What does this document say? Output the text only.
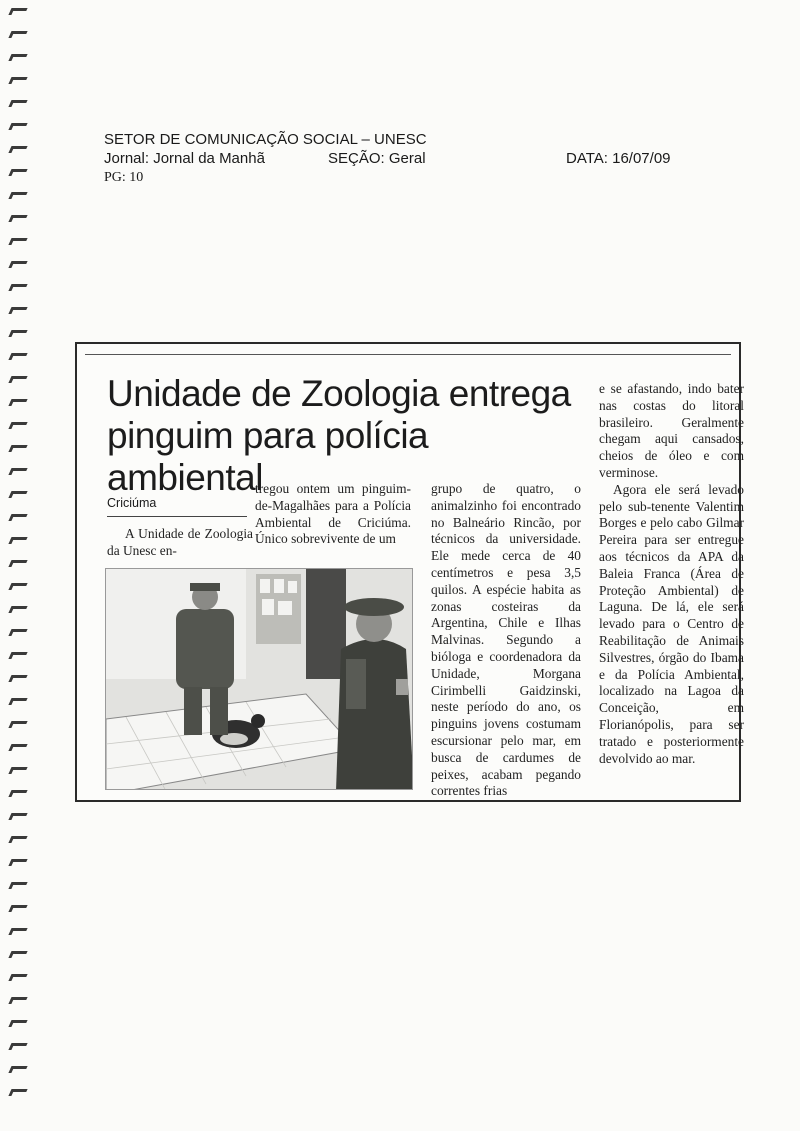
SETOR DE COMUNICAÇÃO SOCIAL – UNESC
Jornal: Jornal da Manhã	SEÇÃO: Geral	DATA: 16/07/09
PG: 10
Unidade de Zoologia entrega pinguim para polícia ambiental
Criciúma
A Unidade de Zoologia da Unesc en-
tregou ontem um pinguim-de-Magalhães para a Polícia Ambiental de Criciúma. Único sobrevivente de um
grupo de quatro, o animalzinho foi encontrado no Balneário Rincão, por técnicos da universidade. Ele mede cerca de 40 centímetros e pesa 3,5 quilos. A espécie habita as zonas costeiras da Argentina, Chile e Ilhas Malvinas. Segundo a bióloga e coordenadora da Unidade, Morgana Cirimbelli Gaidzinski, neste período do ano, os pinguins jovens costumam escursionar pelo mar, em busca de cardumes de peixes, acabam pegando correntes frias

e se afastando, indo bater nas costas do litoral brasileiro. Geralmente chegam aqui cansados, cheios de óleo e com verminose.

Agora ele será levado pelo sub-tenente Valentim Borges e pelo cabo Gilmar Pereira para ser entregue aos técnicos da APA da Baleia Franca (Área de Proteção Ambiental) de Laguna. De lá, ele será levado para o Centro de Reabilitação de Animais Silvestres, órgão do Ibama e da Polícia Ambiental, localizado na Lagoa da Conceição, em Florianópolis, para ser tratado e posteriormente devolvido ao mar.
